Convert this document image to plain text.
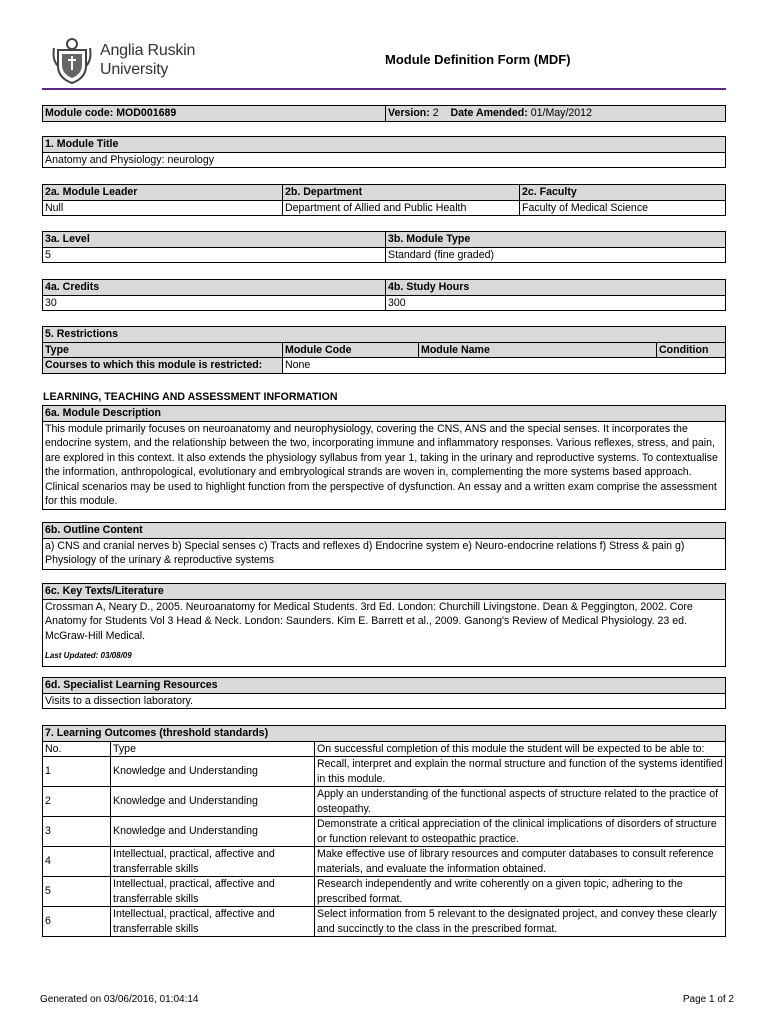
Anglia Ruskin
University
Module Definition Form (MDF)
Module code: MOD001689	Version: 2 Date Amended: 01/May/2012
1. Module Title
Anatomy and Physiology: neurology
2a. Module Leader	2b. Department	2c. Faculty
Null	Department of Allied and Public Health	Faculty of Medical Science
3a. Level	3b. Module Type
5	Standard (fine graded)
4a. Credits	4b. Study Hours
30	300
5. Restrictions			
Type	Module Code	Module Name	Condition
Courses to which this module is restricted:	None		
LEARNING, TEACHING AND ASSESSMENT INFORMATION
6a. Module Description
This module primarily focuses on neuroanatomy and neurophysiology, covering the CNS, ANS and the special senses. It incorporates the endocrine system, and the relationship between the two, incorporating immune and inflammatory responses. Various reflexes, stress, and pain, are explored in this context. It also extends the physiology syllabus from year 1, taking in the urinary and reproductive systems. To contextualise the information, anthropological, evolutionary and embryological strands are woven in, complementing the more systems based approach. Clinical scenarios may be used to highlight function from the perspective of dysfunction. An essay and a written exam comprise the assessment for this module.
6b. Outline Content
a) CNS and cranial nerves b) Special senses c) Tracts and reflexes d) Endocrine system e) Neuro-endocrine relations f) Stress & pain g) Physiology of the urinary & reproductive systems
6c. Key Texts/Literature

Crossman A, Neary D., 2005. Neuroanatomy for Medical Students. 3rd Ed. London: Churchill Livingstone. Dean & Peggington, 2002. Core Anatomy for Students Vol 3 Head & Neck. London: Saunders. Kim E. Barrett et al., 2009. Ganong's Review of Medical Physiology. 23 ed. McGraw-Hill Medical.
Last Updated: 03/08/09
6d. Specialist Learning Resources
Visits to a dissection laboratory.
7. Learning Outcomes (threshold standards)		
No.	Type	On successful completion of this module the student will be expected to be able to:
1	Knowledge and Understanding	Recall, interpret and explain the normal structure and function of the systems identified in this module.
2	Knowledge and Understanding	Apply an understanding of the functional aspects of structure related to the practice of osteopathy.
3	Knowledge and Understanding	Demonstrate a critical appreciation of the clinical implications of disorders of structure or function relevant to osteopathic practice.
4	Intellectual, practical, affective and transferrable skills	Make effective use of library resources and computer databases to consult reference materials, and evaluate the information obtained.
5	Intellectual, practical, affective and transferrable skills	Research independently and write coherently on a given topic, adhering to the prescribed format.
6	Intellectual, practical, affective and transferrable skills	Select information from 5 relevant to the designated project, and convey these clearly and succinctly to the class in the prescribed format.
Generated on 03/06/2016, 01:04:14	Page 1 of 2
